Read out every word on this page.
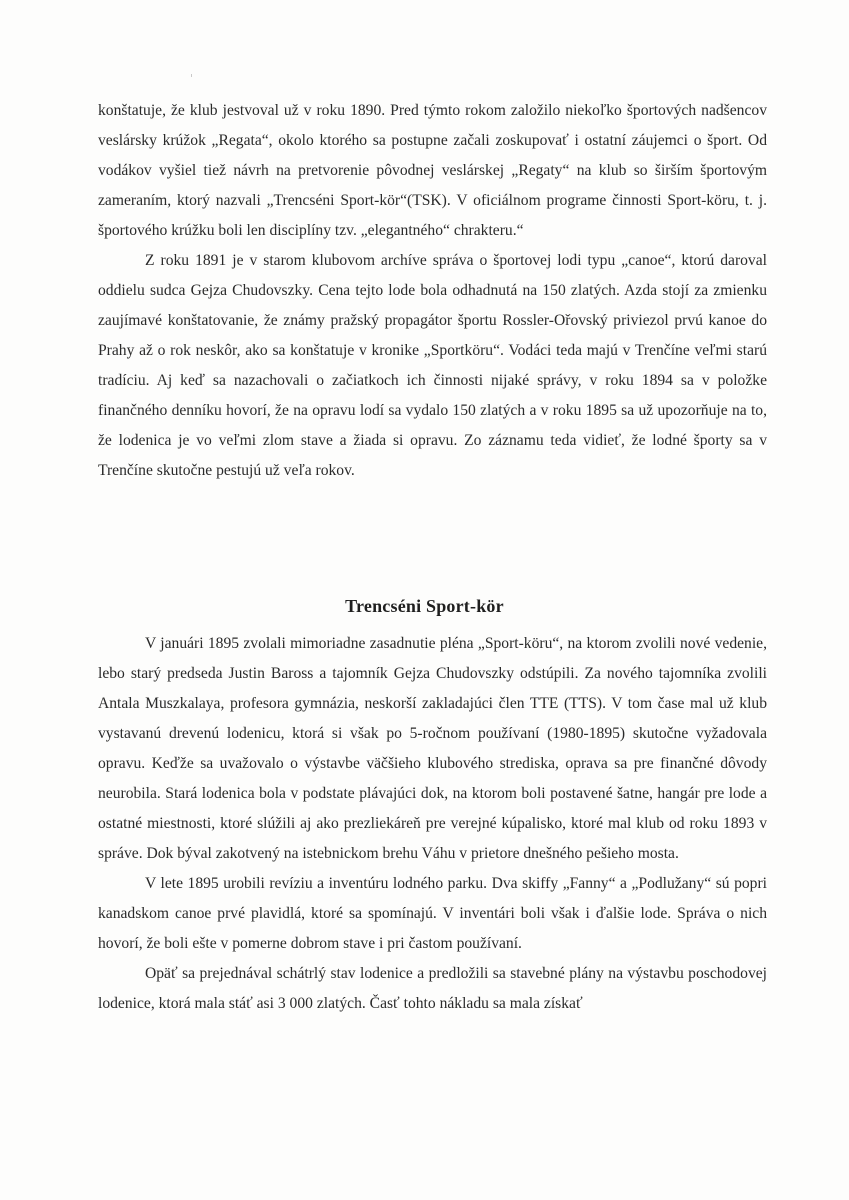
konštatuje, že klub jestvoval už v roku 1890. Pred týmto rokom založilo niekoľko športových nadšencov veslársky krúžok „Regata“, okolo ktorého sa postupne začali zoskupovať i ostatní záujemci o šport. Od vodákov vyšiel tiež návrh na pretvorenie pôvodnej veslárskej „Regaty“ na klub so širším športovým zameraním, ktorý nazvali „Trencséni Sport-kör“(TSK). V oficiálnom programe činnosti Sport-köru, t. j. športového krúžku boli len disciplíny tzv. „elegantného“ chrakteru.“

Z roku 1891 je v starom klubovom archíve správa o športovej lodi typu „canoe“, ktorú daroval oddielu sudca Gejza Chudovszky. Cena tejto lode bola odhadnutá na 150 zlatých. Azda stojí za zmienku zaujímavé konštatovanie, že známy pražský propagátor športu Rossler-Ořovský priviezol prvú kanoe do Prahy až o rok neskôr, ako sa konštatuje v kronike „Sportköru“. Vodáci teda majú v Trenčíne veľmi starú tradíciu. Aj keď sa nazachovali o začiatkoch ich činnosti nijaké správy, v roku 1894 sa v položke finančného denníku hovorí, že na opravu lodí sa vydalo 150 zlatých a v roku 1895 sa už upozorňuje na to, že lodenica je vo veľmi zlom stave a žiada si opravu. Zo záznamu teda vidieť, že lodné športy sa v Trenčíne skutočne pestujú už veľa rokov.

Trencséni Sport-kör

V januári 1895 zvolali mimoriadne zasadnutie pléna „Sport-köru“, na ktorom zvolili nové vedenie, lebo starý predseda Justin Baross a tajomník Gejza Chudovszky odstúpili. Za nového tajomníka zvolili Antala Muszkalaya, profesora gymnázia, neskorší zakladajúci člen TTE (TTS). V tom čase mal už klub vystavanú drevenú lodenicu, ktorá si však po 5-ročnom používaní (1980-1895) skutočne vyžadovala opravu. Keďže sa uvažovalo o výstavbe väčšieho klubového strediska, oprava sa pre finančné dôvody neurobila. Stará lodenica bola v podstate plávajúci dok, na ktorom boli postavené šatne, hangár pre lode a ostatné miestnosti, ktoré slúžili aj ako prezliekáreň pre verejné kúpalisko, ktoré mal klub od roku 1893 v správe. Dok býval zakotvený na istebnickom brehu Váhu v prietore dnešného pešieho mosta.

V lete 1895 urobili revíziu a inventúru lodného parku. Dva skiffy „Fanny“ a „Podlužany“ sú popri kanadskom canoe prvé plavidlá, ktoré sa spomínajú. V inventári boli však i ďalšie lode. Správa o nich hovorí, že boli ešte v pomerne dobrom stave i pri častom používaní.

Opäť sa prejednával schátrlý stav lodenice a predložili sa stavebné plány na výstavbu poschodovej lodenice, ktorá mala stáť asi 3 000 zlatých. Časť tohto nákladu sa mala získať
